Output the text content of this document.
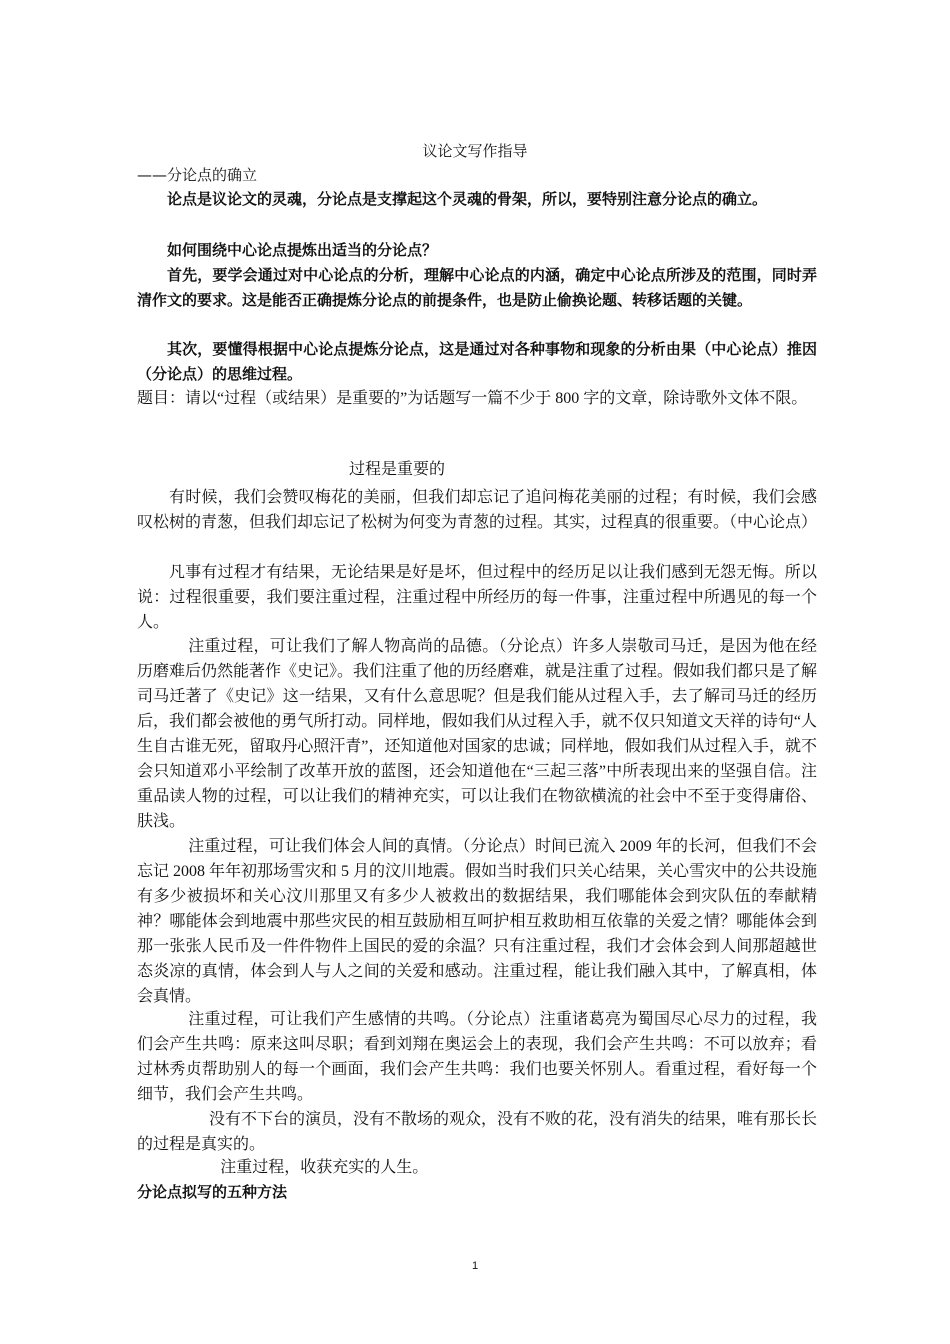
议论文写作指导
——分论点的确立

论点是议论文的灵魂，分论点是支撑起这个灵魂的骨架，所以，要特别注意分论点的确立。

如何围绕中心论点提炼出适当的分论点？

首先，要学会通过对中心论点的分析，理解中心论点的内涵，确定中心论点所涉及的范围，同时弄清作文的要求。这是能否正确提炼分论点的前提条件，也是防止偷换论题、转移话题的关键。

其次，要懂得根据中心论点提炼分论点，这是通过对各种事物和现象的分析由果（中心论点）推因（分论点）的思维过程。

题目：请以“过程（或结果）是重要的”为话题写一篇不少于 800 字的文章，除诗歌外文体不限。

过程是重要的

有时候，我们会赞叹梅花的美丽，但我们却忘记了追问梅花美丽的过程；有时候，我们会感叹松树的青葱，但我们却忘记了松树为何变为青葱的过程。其实，过程真的很重要。（中心论点）

凡事有过程才有结果，无论结果是好是坏，但过程中的经历足以让我们感到无怨无悔。所以说：过程很重要，我们要注重过程，注重过程中所经历的每一件事，注重过程中所遇见的每一个人。

注重过程，可让我们了解人物高尚的品德。（分论点）许多人崇敬司马迁，是因为他在经历磨难后仍然能著作《史记》。我们注重了他的历经磨难，就是注重了过程。假如我们都只是了解司马迁著了《史记》这一结果，又有什么意思呢？但是我们能从过程入手，去了解司马迁的经历后，我们都会被他的勇气所打动。同样地，假如我们从过程入手，就不仅只知道文天祥的诗句“人生自古谁无死，留取丹心照汗青”，还知道他对国家的忠诚；同样地，假如我们从过程入手，就不会只知道邓小平绘制了改革开放的蓝图，还会知道他在“三起三落”中所表现出来的坚强自信。注重品读人物的过程，可以让我们的精神充实，可以让我们在物欲横流的社会中不至于变得庸俗、肤浅。

注重过程，可让我们体会人间的真情。（分论点）时间已流入 2009 年的长河，但我们不会忘记 2008 年年初那场雪灾和 5 月的汶川地震。假如当时我们只关心结果，关心雪灾中的公共设施有多少被损坏和关心汶川那里又有多少人被救出的数据结果，我们哪能体会到灾队伍的奉献精神？哪能体会到地震中那些灾民的相互鼓励相互呵护相互救助相互依靠的关爱之情？哪能体会到那一张张人民币及一件件物件上国民的爱的余温？只有注重过程，我们才会体会到人间那超越世态炎凉的真情，体会到人与人之间的关爱和感动。注重过程，能让我们融入其中，了解真相，体会真情。

注重过程，可让我们产生感情的共鸣。（分论点）注重诸葛亮为蜀国尽心尽力的过程，我们会产生共鸣：原来这叫尽职；看到刘翔在奥运会上的表现，我们会产生共鸣：不可以放弃；看过林秀贞帮助别人的每一个画面，我们会产生共鸣：我们也要关怀别人。看重过程，看好每一个细节，我们会产生共鸣。

没有不下台的演员，没有不散场的观众，没有不败的花，没有消失的结果，唯有那长长的过程是真实的。

注重过程，收获充实的人生。

分论点拟写的五种方法
1
